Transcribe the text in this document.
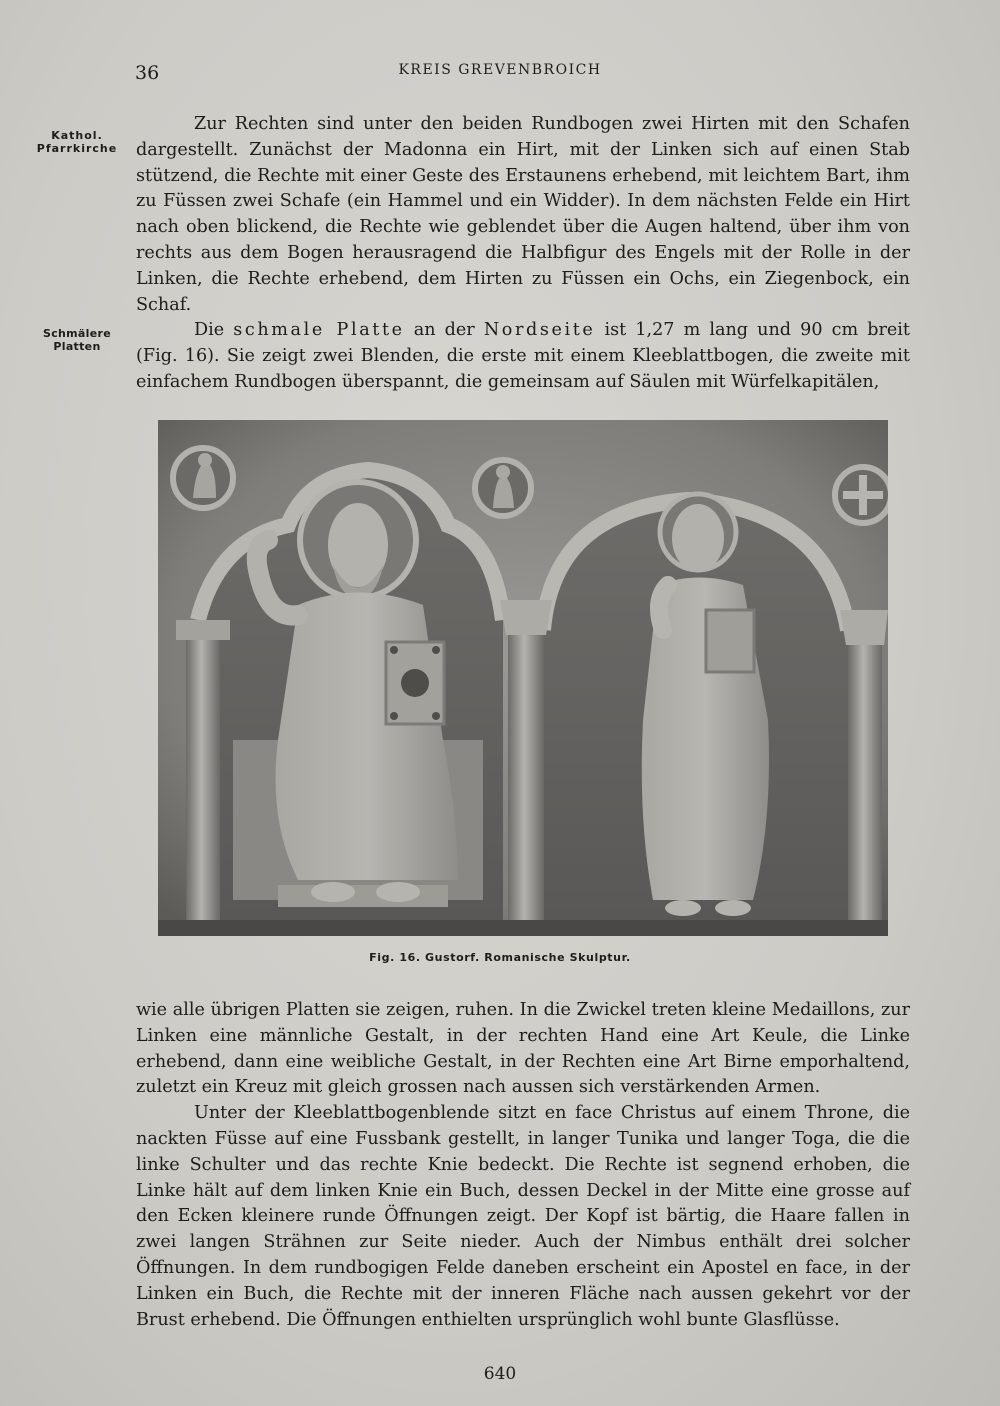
36	KREIS GREVENBROICH
Kathol.
Pfarrkirche
Schmälere
Platten

Zur Rechten sind unter den beiden Rundbogen zwei Hirten mit den Schafen dargestellt. Zunächst der Madonna ein Hirt, mit der Linken sich auf einen Stab stützend, die Rechte mit einer Geste des Erstaunens erhebend, mit leichtem Bart, ihm zu Füssen zwei Schafe (ein Hammel und ein Widder). In dem nächsten Felde ein Hirt nach oben blickend, die Rechte wie geblendet über die Augen haltend, über ihm von rechts aus dem Bogen herausragend die Halbfigur des Engels mit der Rolle in der Linken, die Rechte erhebend, dem Hirten zu Füssen ein Ochs, ein Ziegenbock, ein Schaf.

Die schmale Platte an der Nordseite ist 1,27 m lang und 90 cm breit (Fig. 16). Sie zeigt zwei Blenden, die erste mit einem Kleeblattbogen, die zweite mit einfachem Rundbogen überspannt, die gemeinsam auf Säulen mit Würfelkapitälen,

Fig. 16. Gustorf. Romanische Skulptur.

wie alle übrigen Platten sie zeigen, ruhen. In die Zwickel treten kleine Medaillons, zur Linken eine männliche Gestalt, in der rechten Hand eine Art Keule, die Linke erhebend, dann eine weibliche Gestalt, in der Rechten eine Art Birne emporhaltend, zuletzt ein Kreuz mit gleich grossen nach aussen sich verstärkenden Armen.

Unter der Kleeblattbogenblende sitzt en face Christus auf einem Throne, die nackten Füsse auf eine Fussbank gestellt, in langer Tunika und langer Toga, die die linke Schulter und das rechte Knie bedeckt. Die Rechte ist segnend erhoben, die Linke hält auf dem linken Knie ein Buch, dessen Deckel in der Mitte eine grosse auf den Ecken kleinere runde Öffnungen zeigt. Der Kopf ist bärtig, die Haare fallen in zwei langen Strähnen zur Seite nieder. Auch der Nimbus enthält drei solcher Öffnungen. In dem rundbogigen Felde daneben erscheint ein Apostel en face, in der Linken ein Buch, die Rechte mit der inneren Fläche nach aussen gekehrt vor der Brust erhebend. Die Öffnungen enthielten ursprünglich wohl bunte Glasflüsse.

640
